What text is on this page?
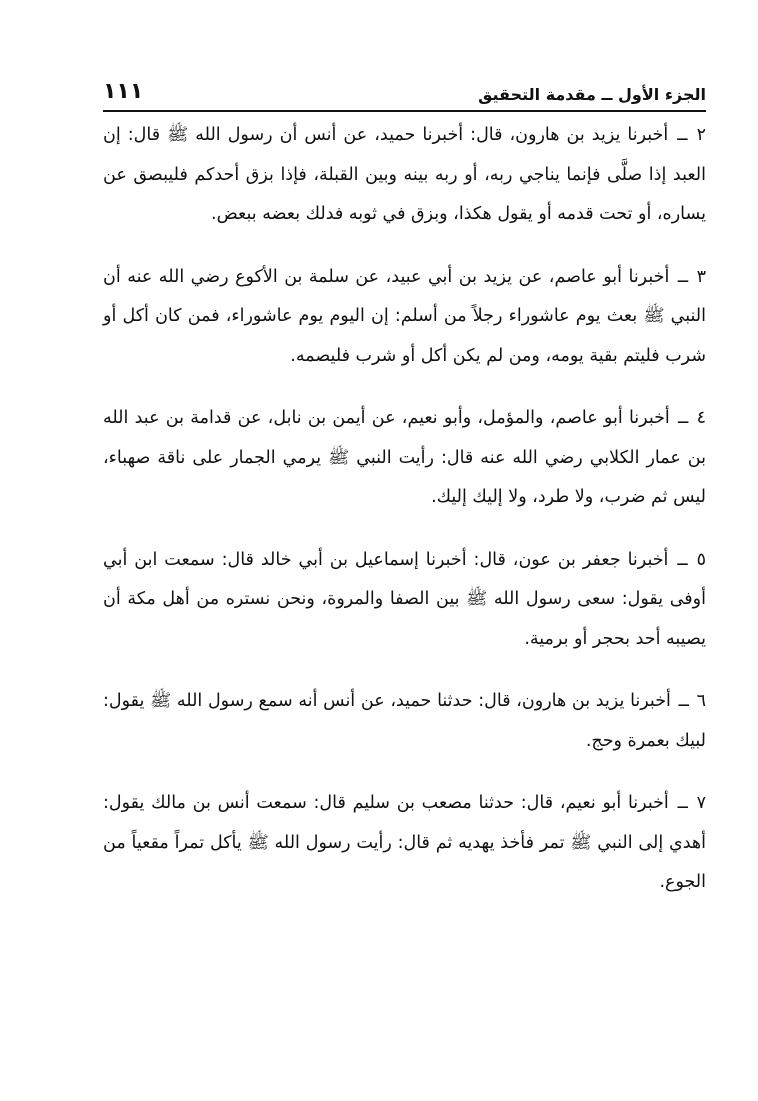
الجزء الأول ــ مقدمة التحقيق
١١١

٢ ــ أخبرنا يزيد بن هارون، قال: أخبرنا حميد، عن أنس أن رسول الله ﷺ قال: إن العبد إذا صلَّى فإنما يناجي ربه، أو ربه بينه وبين القبلة، فإذا بزق أحدكم فليبصق عن يساره، أو تحت قدمه أو يقول هكذا، وبزق في ثوبه فدلك بعضه ببعض.

٣ ــ أخبرنا أبو عاصم، عن يزيد بن أبي عبيد، عن سلمة بن الأكوع رضي الله عنه أن النبي ﷺ بعث يوم عاشوراء رجلاً من أسلم: إن اليوم يوم عاشوراء، فمن كان أكل أو شرب فليتم بقية يومه، ومن لم يكن أكل أو شرب فليصمه.

٤ ــ أخبرنا أبو عاصم، والمؤمل، وأبو نعيم، عن أيمن بن نابل، عن قدامة بن عبد الله بن عمار الكلابي رضي الله عنه قال: رأيت النبي ﷺ يرمي الجمار على ناقة صهباء، ليس ثم ضرب، ولا طرد، ولا إليك إليك.

٥ ــ أخبرنا جعفر بن عون، قال: أخبرنا إسماعيل بن أبي خالد قال: سمعت ابن أبي أوفى يقول: سعى رسول الله ﷺ بين الصفا والمروة، ونحن نستره من أهل مكة أن يصيبه أحد بحجر أو برمية.

٦ ــ أخبرنا يزيد بن هارون، قال: حدثنا حميد، عن أنس أنه سمع رسول الله ﷺ يقول: لبيك بعمرة وحج.

٧ ــ أخبرنا أبو نعيم، قال: حدثنا مصعب بن سليم قال: سمعت أنس بن مالك يقول: أهدي إلى النبي ﷺ تمر فأخذ يهديه ثم قال: رأيت رسول الله ﷺ يأكل تمراً مقعياً من الجوع.
